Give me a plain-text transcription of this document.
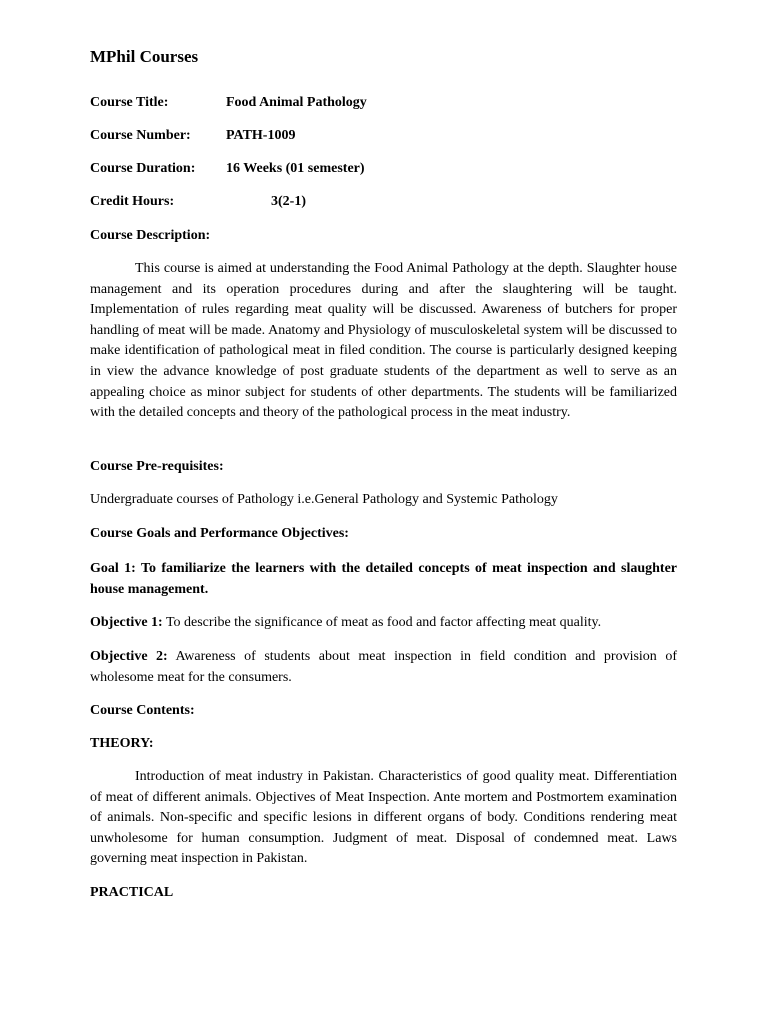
MPhil Courses
Course Title:	Food Animal Pathology
Course Number:	PATH-1009
Course Duration: 16 Weeks (01 semester)
Credit Hours:	3(2-1)
Course Description:
This course is aimed at understanding the Food Animal Pathology at the depth. Slaughter house management and its operation procedures during and after the slaughtering will be taught. Implementation of rules regarding meat quality will be discussed. Awareness of butchers for proper handling of meat will be made. Anatomy and Physiology of musculoskeletal system will be discussed to make identification of pathological meat in filed condition. The course is particularly designed keeping in view the advance knowledge of post graduate students of the department as well to serve as an appealing choice as minor subject for students of other departments. The students will be familiarized with the detailed concepts and theory of the pathological process in the meat industry.
Course Pre-requisites:
Undergraduate courses of Pathology i.e.General Pathology and Systemic Pathology
Course Goals and Performance Objectives:
Goal 1: To familiarize the learners with the detailed concepts of meat inspection and slaughter house management.
Objective 1: To describe the significance of meat as food and factor affecting meat quality.
Objective 2: Awareness of students about meat inspection in field condition and provision of wholesome meat for the consumers.
Course Contents:
THEORY:
Introduction of meat industry in Pakistan. Characteristics of good quality meat. Differentiation of meat of different animals. Objectives of Meat Inspection. Ante mortem and Postmortem examination of animals. Non-specific and specific lesions in different organs of body. Conditions rendering meat unwholesome for human consumption. Judgment of meat. Disposal of condemned meat. Laws governing meat inspection in Pakistan.
PRACTICAL
